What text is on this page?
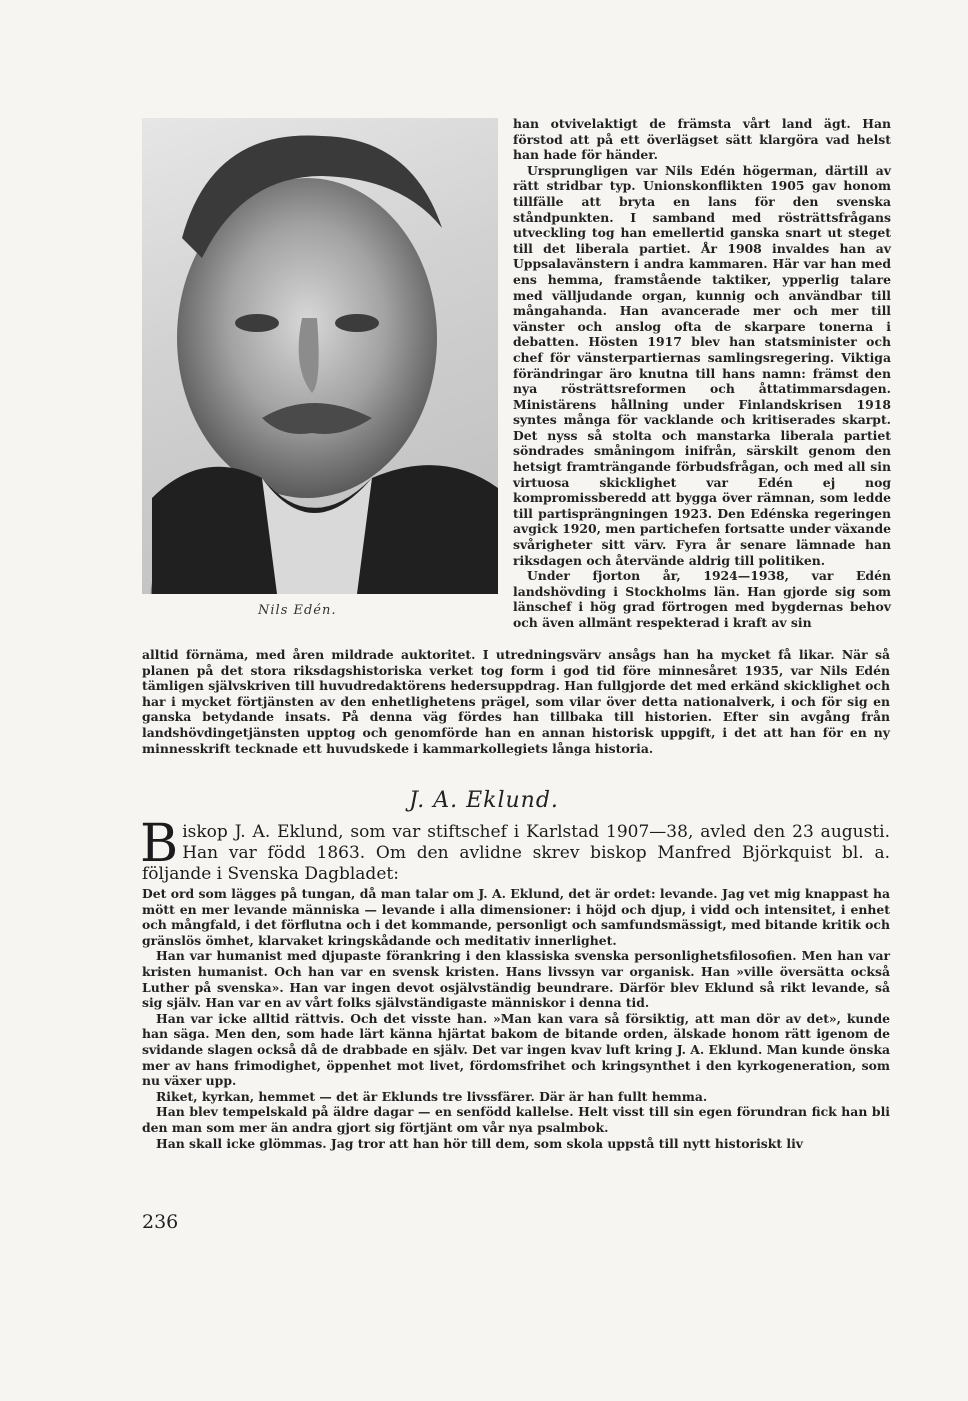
Nils Edén.

han otvivelaktigt de främsta vårt land ägt. Han förstod att på ett överlägset sätt klargöra vad helst han hade för händer.

Ursprungligen var Nils Edén högerman, därtill av rätt stridbar typ. Unionskonflikten 1905 gav honom tillfälle att bryta en lans för den svenska ståndpunkten. I samband med rösträttsfrågans utveckling tog han emellertid ganska snart ut steget till det liberala partiet. År 1908 invaldes han av Uppsalavänstern i andra kammaren. Här var han med ens hemma, framstående taktiker, ypperlig talare med välljudande organ, kunnig och användbar till mångahanda. Han avancerade mer och mer till vänster och anslog ofta de skarpare tonerna i debatten. Hösten 1917 blev han statsminister och chef för vänsterpartiernas samlingsregering. Viktiga förändringar äro knutna till hans namn: främst den nya rösträttsreformen och åttatimmarsdagen. Ministärens hållning under Finlandskrisen 1918 syntes många för vacklande och kritiserades skarpt. Det nyss så stolta och manstarka liberala partiet söndrades småningom inifrån, särskilt genom den hetsigt framträngande förbudsfrågan, och med all sin virtuosa skicklighet var Edén ej nog kompromissberedd att bygga över rämnan, som ledde till partisprängningen 1923. Den Edénska regeringen avgick 1920, men partichefen fortsatte under växande svårigheter sitt värv. Fyra år senare lämnade han riksdagen och återvände aldrig till politiken.

Under fjorton år, 1924—1938, var Edén landshövding i Stockholms län. Han gjorde sig som länschef i hög grad förtrogen med bygdernas behov och även allmänt respekterad i kraft av sin

alltid förnäma, med åren mildrade auktoritet. I utredningsvärv ansågs han ha mycket få likar. När så planen på det stora riksdagshistoriska verket tog form i god tid före minnesåret 1935, var Nils Edén tämligen självskriven till huvudredaktörens hedersuppdrag. Han fullgjorde det med erkänd skicklighet och har i mycket förtjänsten av den enhetlighetens prägel, som vilar över detta nationalverk, i och för sig en ganska betydande insats. På denna väg fördes han tillbaka till historien. Efter sin avgång från landshövdingetjänsten upptog och genomförde han en annan historisk uppgift, i det att han för en ny minnesskrift tecknade ett huvudskede i kammarkollegiets långa historia.
J. A. Eklund.
Biskop J. A. Eklund, som var stiftschef i Karlstad 1907—38, avled den 23 augusti. Han var född 1863. Om den avlidne skrev biskop Manfred Björkquist bl. a. följande i Svenska Dagbladet:

Det ord som lägges på tungan, då man talar om J. A. Eklund, det är ordet: levande. Jag vet mig knappast ha mött en mer levande människa — levande i alla dimensioner: i höjd och djup, i vidd och intensitet, i enhet och mångfald, i det förflutna och i det kommande, personligt och samfundsmässigt, med bitande kritik och gränslös ömhet, klarvaket kringskådande och meditativ innerlighet.

Han var humanist med djupaste förankring i den klassiska svenska personlighetsfilosofien. Men han var kristen humanist. Och han var en svensk kristen. Hans livssyn var organisk. Han »ville översätta också Luther på svenska». Han var ingen devot osjälvständig beundrare. Därför blev Eklund så rikt levande, så sig själv. Han var en av vårt folks självständigaste människor i denna tid.

Han var icke alltid rättvis. Och det visste han. »Man kan vara så försiktig, att man dör av det», kunde han säga. Men den, som hade lärt känna hjärtat bakom de bitande orden, älskade honom rätt igenom de svidande slagen också då de drabbade en själv. Det var ingen kvav luft kring J. A. Eklund. Man kunde önska mer av hans frimodighet, öppenhet mot livet, fördomsfrihet och kringsynthet i den kyrkogeneration, som nu växer upp.

Riket, kyrkan, hemmet — det är Eklunds tre livssfärer. Där är han fullt hemma.

Han blev tempelskald på äldre dagar — en senfödd kallelse. Helt visst till sin egen förundran fick han bli den man som mer än andra gjort sig förtjänt om vår nya psalmbok.

Han skall icke glömmas. Jag tror att han hör till dem, som skola uppstå till nytt historiskt liv

236
